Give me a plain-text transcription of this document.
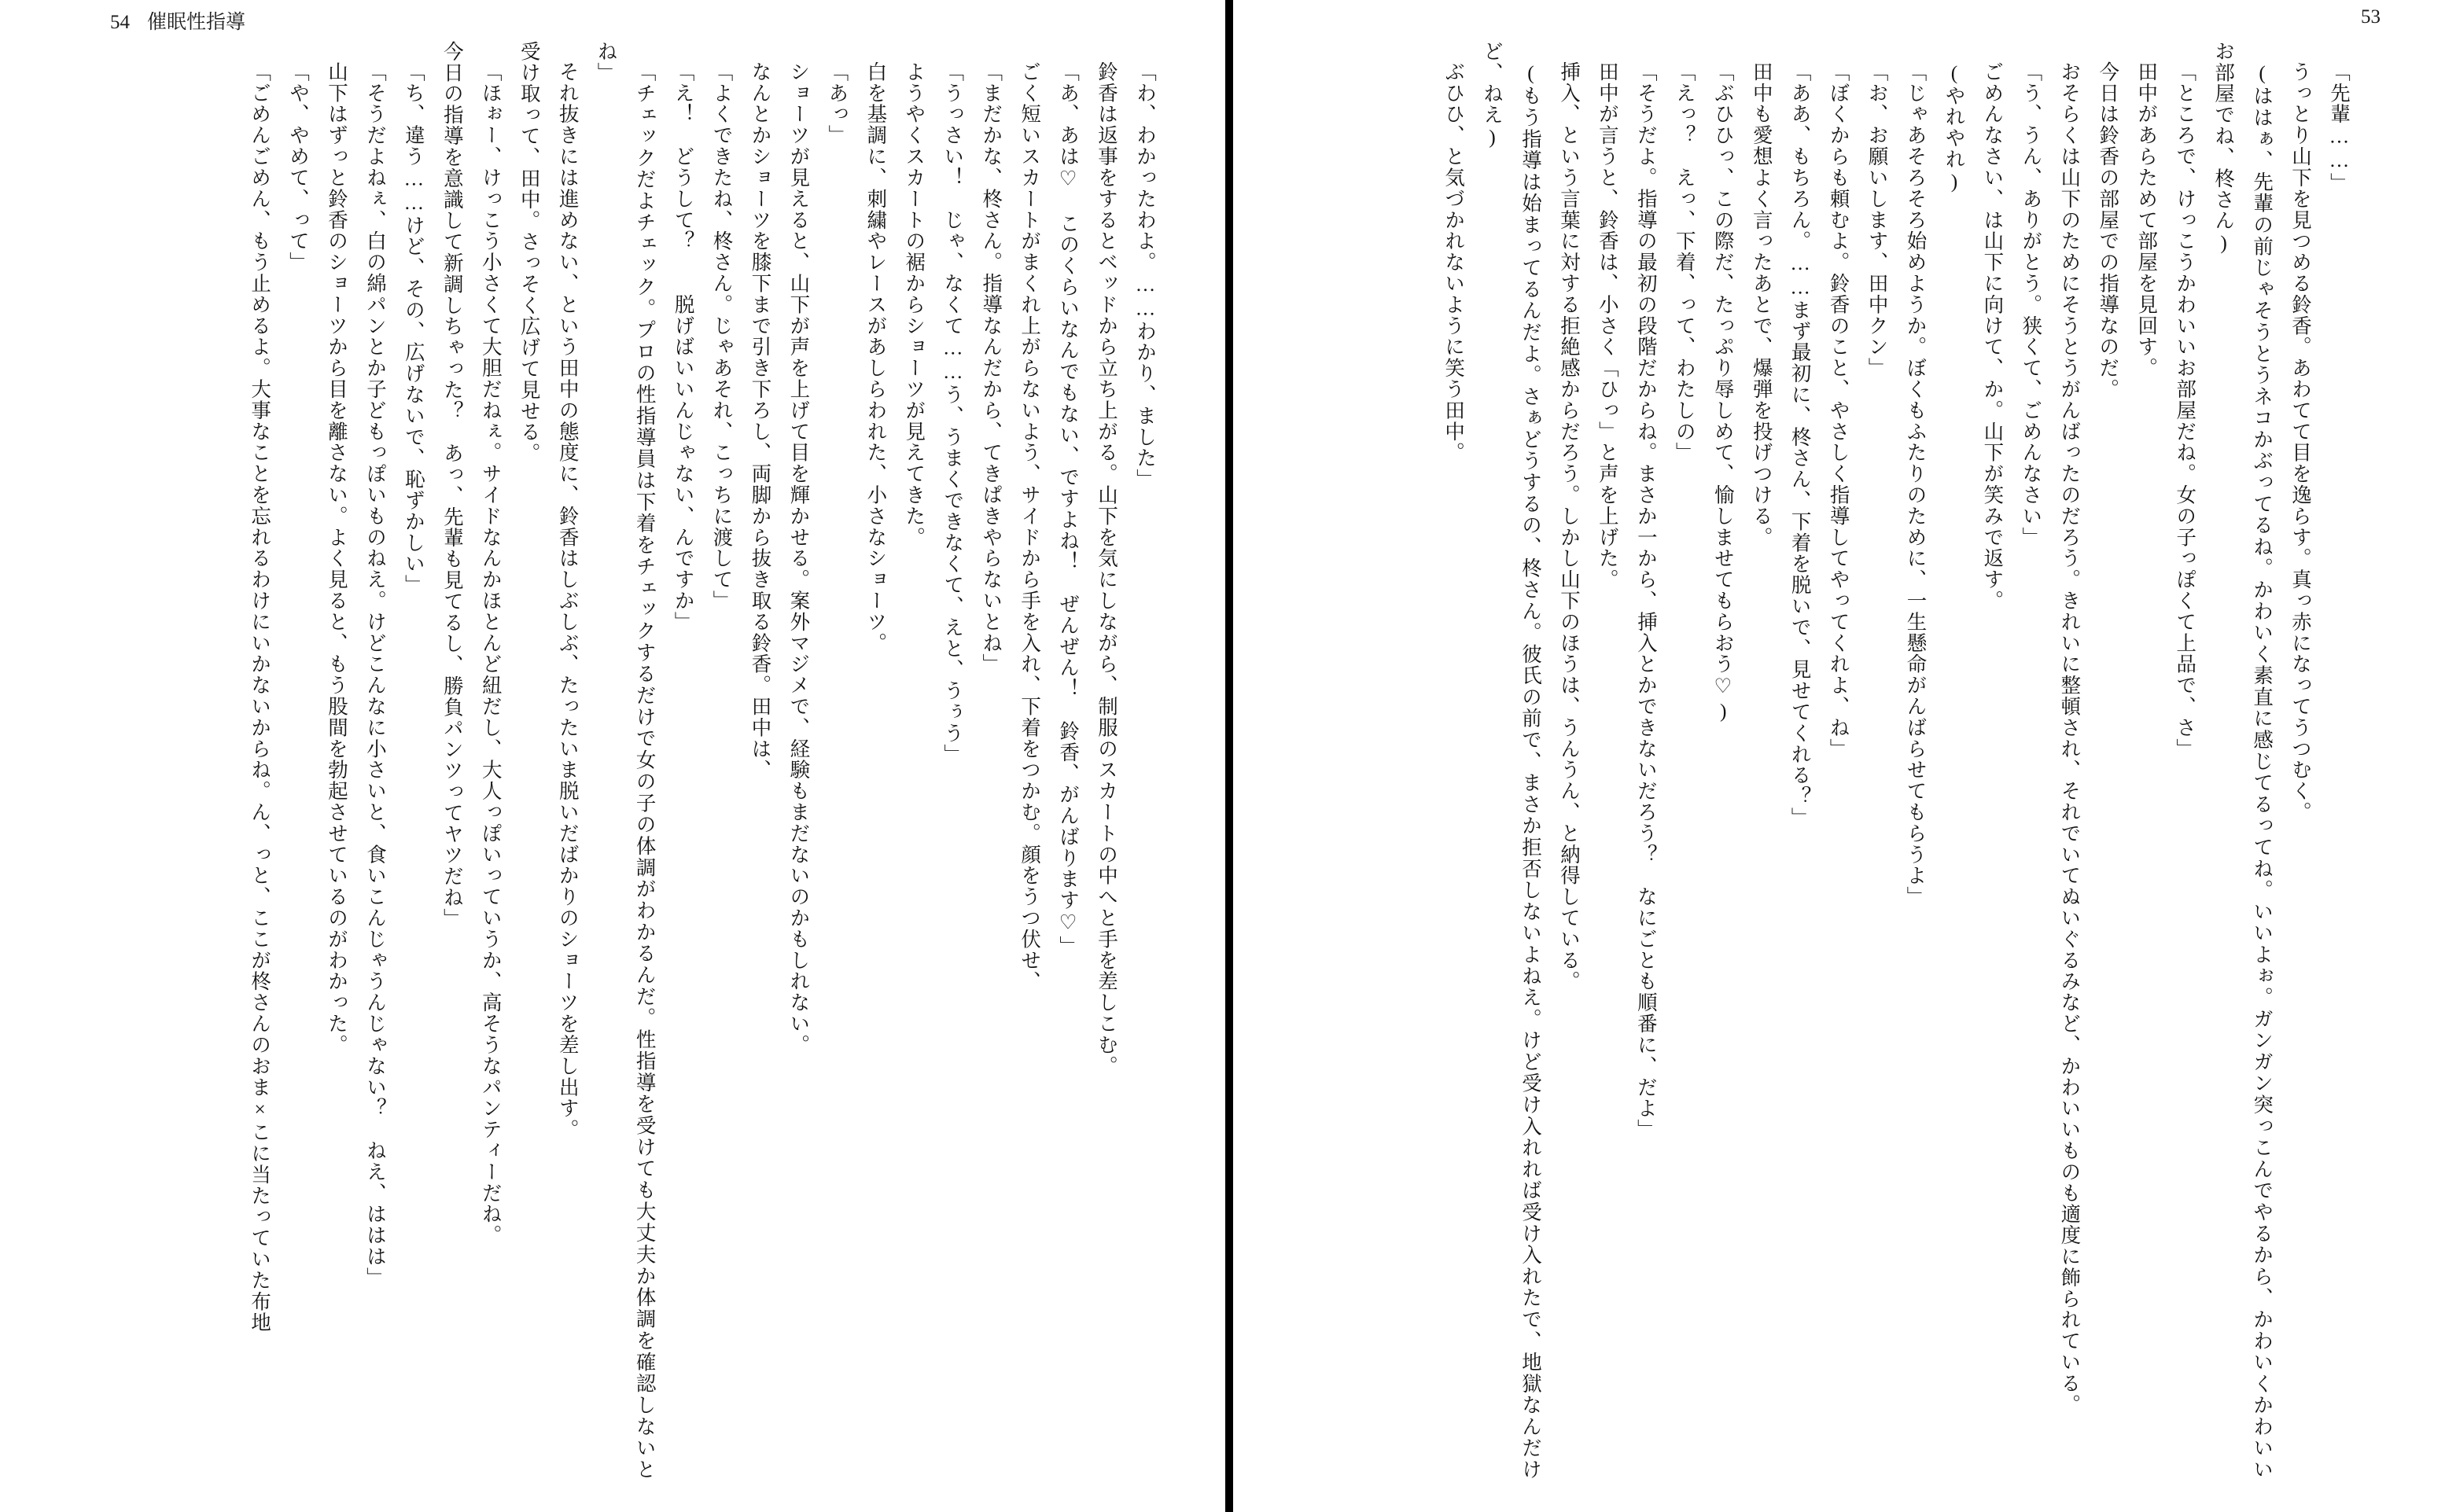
54 催眠性指導

「わ、わかったわよ。……わかり、ました」

鈴香は返事をするとベッドから立ち上がる。山下を気にしながら、制服のスカートの中へと手を差しこむ。

「あ、あは♡　このくらいなんでもない、ですよね！　ぜんぜん！　鈴香、がんばります♡」

ごく短いスカートがまくれ上がらないよう、サイドから手を入れ、下着をつかむ。顔をうつ伏せ、

「まだかな、柊さん。指導なんだから、てきぱきやらないとね」

「うっさい！　じゃ、なくて……う、うまくできなくて、えと、うぅう」

ようやくスカートの裾からショーツが見えてきた。

白を基調に、刺繍やレースがあしらわれた、小さなショーツ。

「あっ」

ショーツが見えると、山下が声を上げて目を輝かせる。案外マジメで、経験もまだないのかもしれない。

なんとかショーツを膝下まで引き下ろし、両脚から抜き取る鈴香。田中は、

「よくできたね、柊さん。じゃあそれ、こっちに渡して」

「え！　どうして？　　脱げばいいんじゃない、んですか」

「チェックだよチェック。プロの性指導員は下着をチェックするだけで女の子の体調がわかるんだ。性指導を受けても大丈夫か体調を確認しないとね」

それ抜きには進めない、という田中の態度に、鈴香はしぶしぶ、たったいま脱いだばかりのショーツを差し出す。

受け取って、田中。さっそく広げて見せる。

「ほぉー、けっこう小さくて大胆だねぇ。サイドなんかほとんど紐だし、大人っぽいっていうか、高そうなパンティーだね。

今日の指導を意識して新調しちゃった？　あっ、先輩も見てるし、勝負パンツってヤツだね」

「ち、違う……けど、その、広げないで、恥ずかしい」

「そうだよねぇ、白の綿パンとか子どもっぽいものねえ。けどこんなに小さいと、食いこんじゃうんじゃない？　ねえ、ははは」

山下はずっと鈴香のショーツから目を離さない。よく見ると、もう股間を勃起させているのがわかった。

「や、やめて、って」

「ごめんごめん、もう止めるよ。大事なことを忘れるわけにいかないからね。ん、っと、ここが柊さんのおま×こに当たっていた布地

53

「先輩……」

うっとり山下を見つめる鈴香。あわてて目を逸らす。真っ赤になってうつむく。

(ははぁ、先輩の前じゃそうとうネコかぶってるね。かわいく素直に感じてるってね。いいよぉ。ガンガン突っこんでやるから、かわいくかわいいお部屋でね、柊さん)

「ところで、けっこうかわいいお部屋だね。女の子っぽくて上品で、さ」

田中があらためて部屋を見回す。

今日は鈴香の部屋での指導なのだ。

おそらくは山下のためにそうとうがんばったのだろう。きれいに整頓され、それでいてぬいぐるみなど、かわいいものも適度に飾られている。

「う、うん、ありがとう。狭くて、ごめんなさい」

ごめんなさい、は山下に向けて、か。山下が笑みで返す。

(やれやれ)

「じゃあそろそろ始めようか。ぼくもふたりのために、一生懸命がんばらせてもらうよ」

「お、お願いします、田中クン」

「ぼくからも頼むよ。鈴香のこと、やさしく指導してやってくれよ、ね」

「ああ、もちろん。……まず最初に、柊さん、下着を脱いで、見せてくれる？」

田中も愛想よく言ったあとで、爆弾を投げつける。

「ぶひひっ、この際だ、たっぷり辱しめて、愉しませてもらおう♡)

「えっ？　えっ、下着、って、わたしの」

「そうだよ。指導の最初の段階だからね。まさか一から、挿入とかできないだろう？　なにごとも順番に、だよ」

田中が言うと、鈴香は、小さく「ひっ」と声を上げた。

挿入、という言葉に対する拒絶感からだろう。しかし山下のほうは、うんうん、と納得している。

(もう指導は始まってるんだよ。さぁどうするの、柊さん。彼氏の前で、まさか拒否しないよねえ。けど受け入れれば受け入れたで、地獄なんだけど、ねえ)

ぶひひ、と気づかれないように笑う田中。
